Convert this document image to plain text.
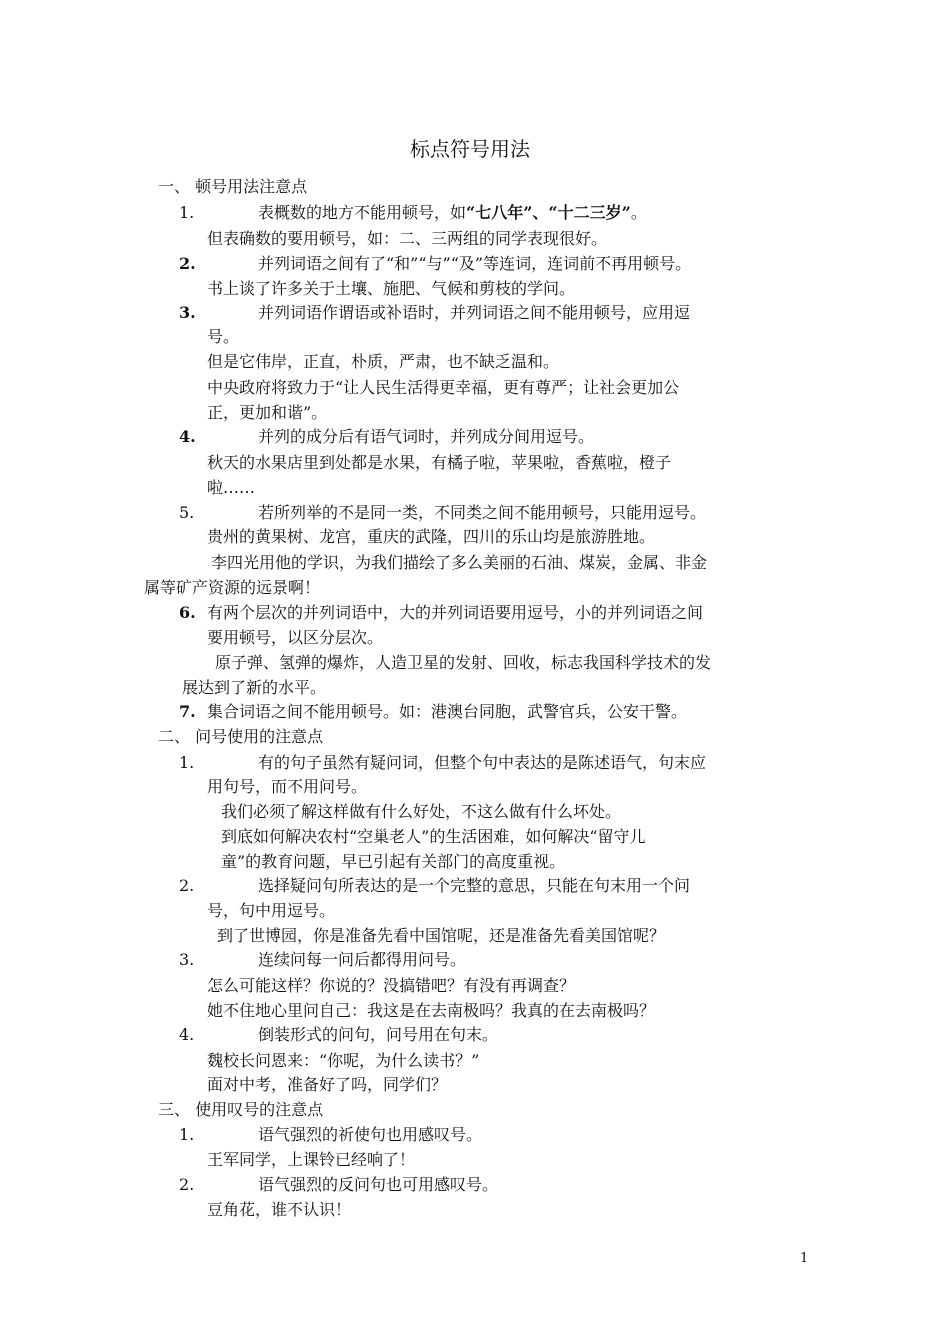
标点符号用法
一、 顿号用法注意点
1.	表概数的地方不能用顿号，如“七八年”、“十二三岁”。
但表确数的要用顿号，如：二、三两组的同学表现很好。
2.	并列词语之间有了“和”“与”“及”等连词，连词前不再用顿号。
书上谈了许多关于土壤、施肥、气候和剪枝的学问。
3.	并列词语作谓语或补语时，并列词语之间不能用顿号，应用逗
号。
但是它伟岸，正直，朴质，严肃，也不缺乏温和。
中央政府将致力于“让人民生活得更幸福，更有尊严；让社会更加公
正，更加和谐”。
4.	并列的成分后有语气词时，并列成分间用逗号。
秋天的水果店里到处都是水果，有橘子啦，苹果啦，香蕉啦，橙子
啦……
5.	若所列举的不是同一类，不同类之间不能用顿号，只能用逗号。
贵州的黄果树、龙宫，重庆的武隆，四川的乐山均是旅游胜地。
李四光用他的学识，为我们描绘了多么美丽的石油、煤炭，金属、非金
属等矿产资源的远景啊！
6. 有两个层次的并列词语中，大的并列词语要用逗号，小的并列词语之间
要用顿号，以区分层次。
原子弹、氢弹的爆炸，人造卫星的发射、回收，标志我国科学技术的发
展达到了新的水平。
7. 集合词语之间不能用顿号。如：港澳台同胞，武警官兵，公安干警。
二、 问号使用的注意点
1.	有的句子虽然有疑问词，但整个句中表达的是陈述语气，句末应
用句号，而不用问号。
我们必须了解这样做有什么好处，不这么做有什么坏处。
到底如何解决农村“空巢老人”的生活困难，如何解决“留守儿
童”的教育问题，早已引起有关部门的高度重视。
2.	选择疑问句所表达的是一个完整的意思，只能在句末用一个问
号，句中用逗号。
到了世博园，你是准备先看中国馆呢，还是准备先看美国馆呢？
3.	连续问每一问后都得用问号。
怎么可能这样？你说的？没搞错吧？有没有再调查？
她不住地心里问自己：我这是在去南极吗？我真的在去南极吗？
4.	倒装形式的问句，问号用在句末。
魏校长问恩来：“你呢，为什么读书？”
面对中考，准备好了吗，同学们？
三、 使用叹号的注意点
1.	语气强烈的祈使句也用感叹号。
王军同学，上课铃已经响了！
2.	语气强烈的反问句也可用感叹号。
豆角花，谁不认识！
1
